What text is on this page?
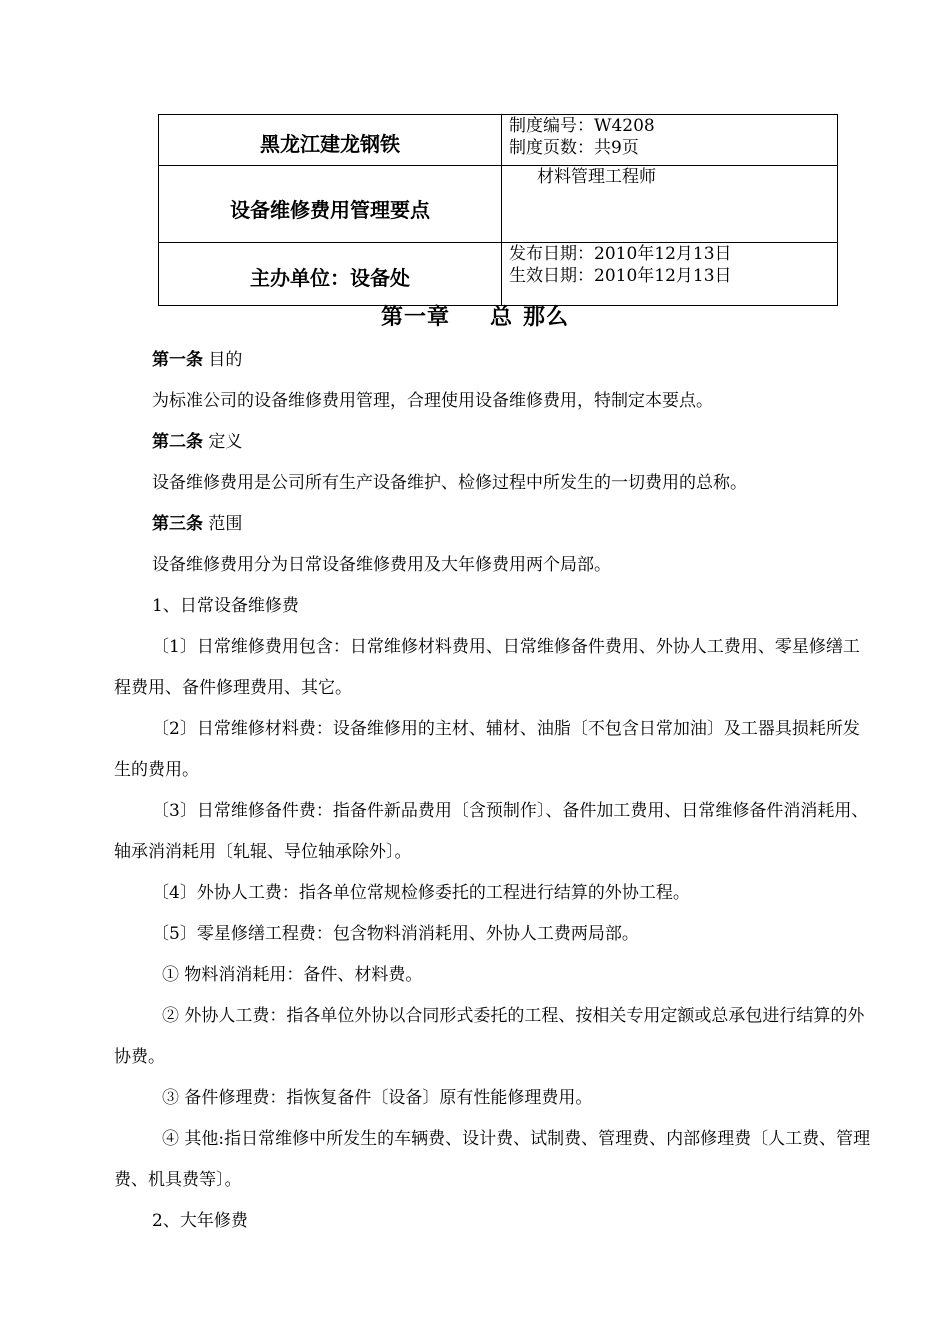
黑龙江建龙钢铁	制度编号：W4208
制度页数：共9页

设备维修费用管理要点	材料管理工程师

主办单位：设备处	发布日期：2010年12月13日
生效日期：2010年12月13日
第一章 总 那么

第一条 目的

为标准公司的设备维修费用管理，合理使用设备维修费用，特制定本要点。

第二条 定义

设备维修费用是公司所有生产设备维护、检修过程中所发生的一切费用的总称。

第三条 范围

设备维修费用分为日常设备维修费用及大年修费用两个局部。

1、日常设备维修费

〔1〕日常维修费用包含：日常维修材料费用、日常维修备件费用、外协人工费用、零星修缮工程费用、备件修理费用、其它。

〔2〕日常维修材料费：设备维修用的主材、辅材、油脂〔不包含日常加油〕及工器具损耗所发生的费用。

〔3〕日常维修备件费：指备件新品费用〔含预制作〕、备件加工费用、日常维修备件消消耗用、轴承消消耗用〔轧辊、导位轴承除外〕。

〔4〕外协人工费：指各单位常规检修委托的工程进行结算的外协工程。

〔5〕零星修缮工程费：包含物料消消耗用、外协人工费两局部。

① 物料消消耗用：备件、材料费。

② 外协人工费：指各单位外协以合同形式委托的工程、按相关专用定额或总承包进行结算的外协费。

③ 备件修理费：指恢复备件〔设备〕原有性能修理费用。

④ 其他:指日常维修中所发生的车辆费、设计费、试制费、管理费、内部修理费〔人工费、管理费、机具费等〕。

2、大年修费
